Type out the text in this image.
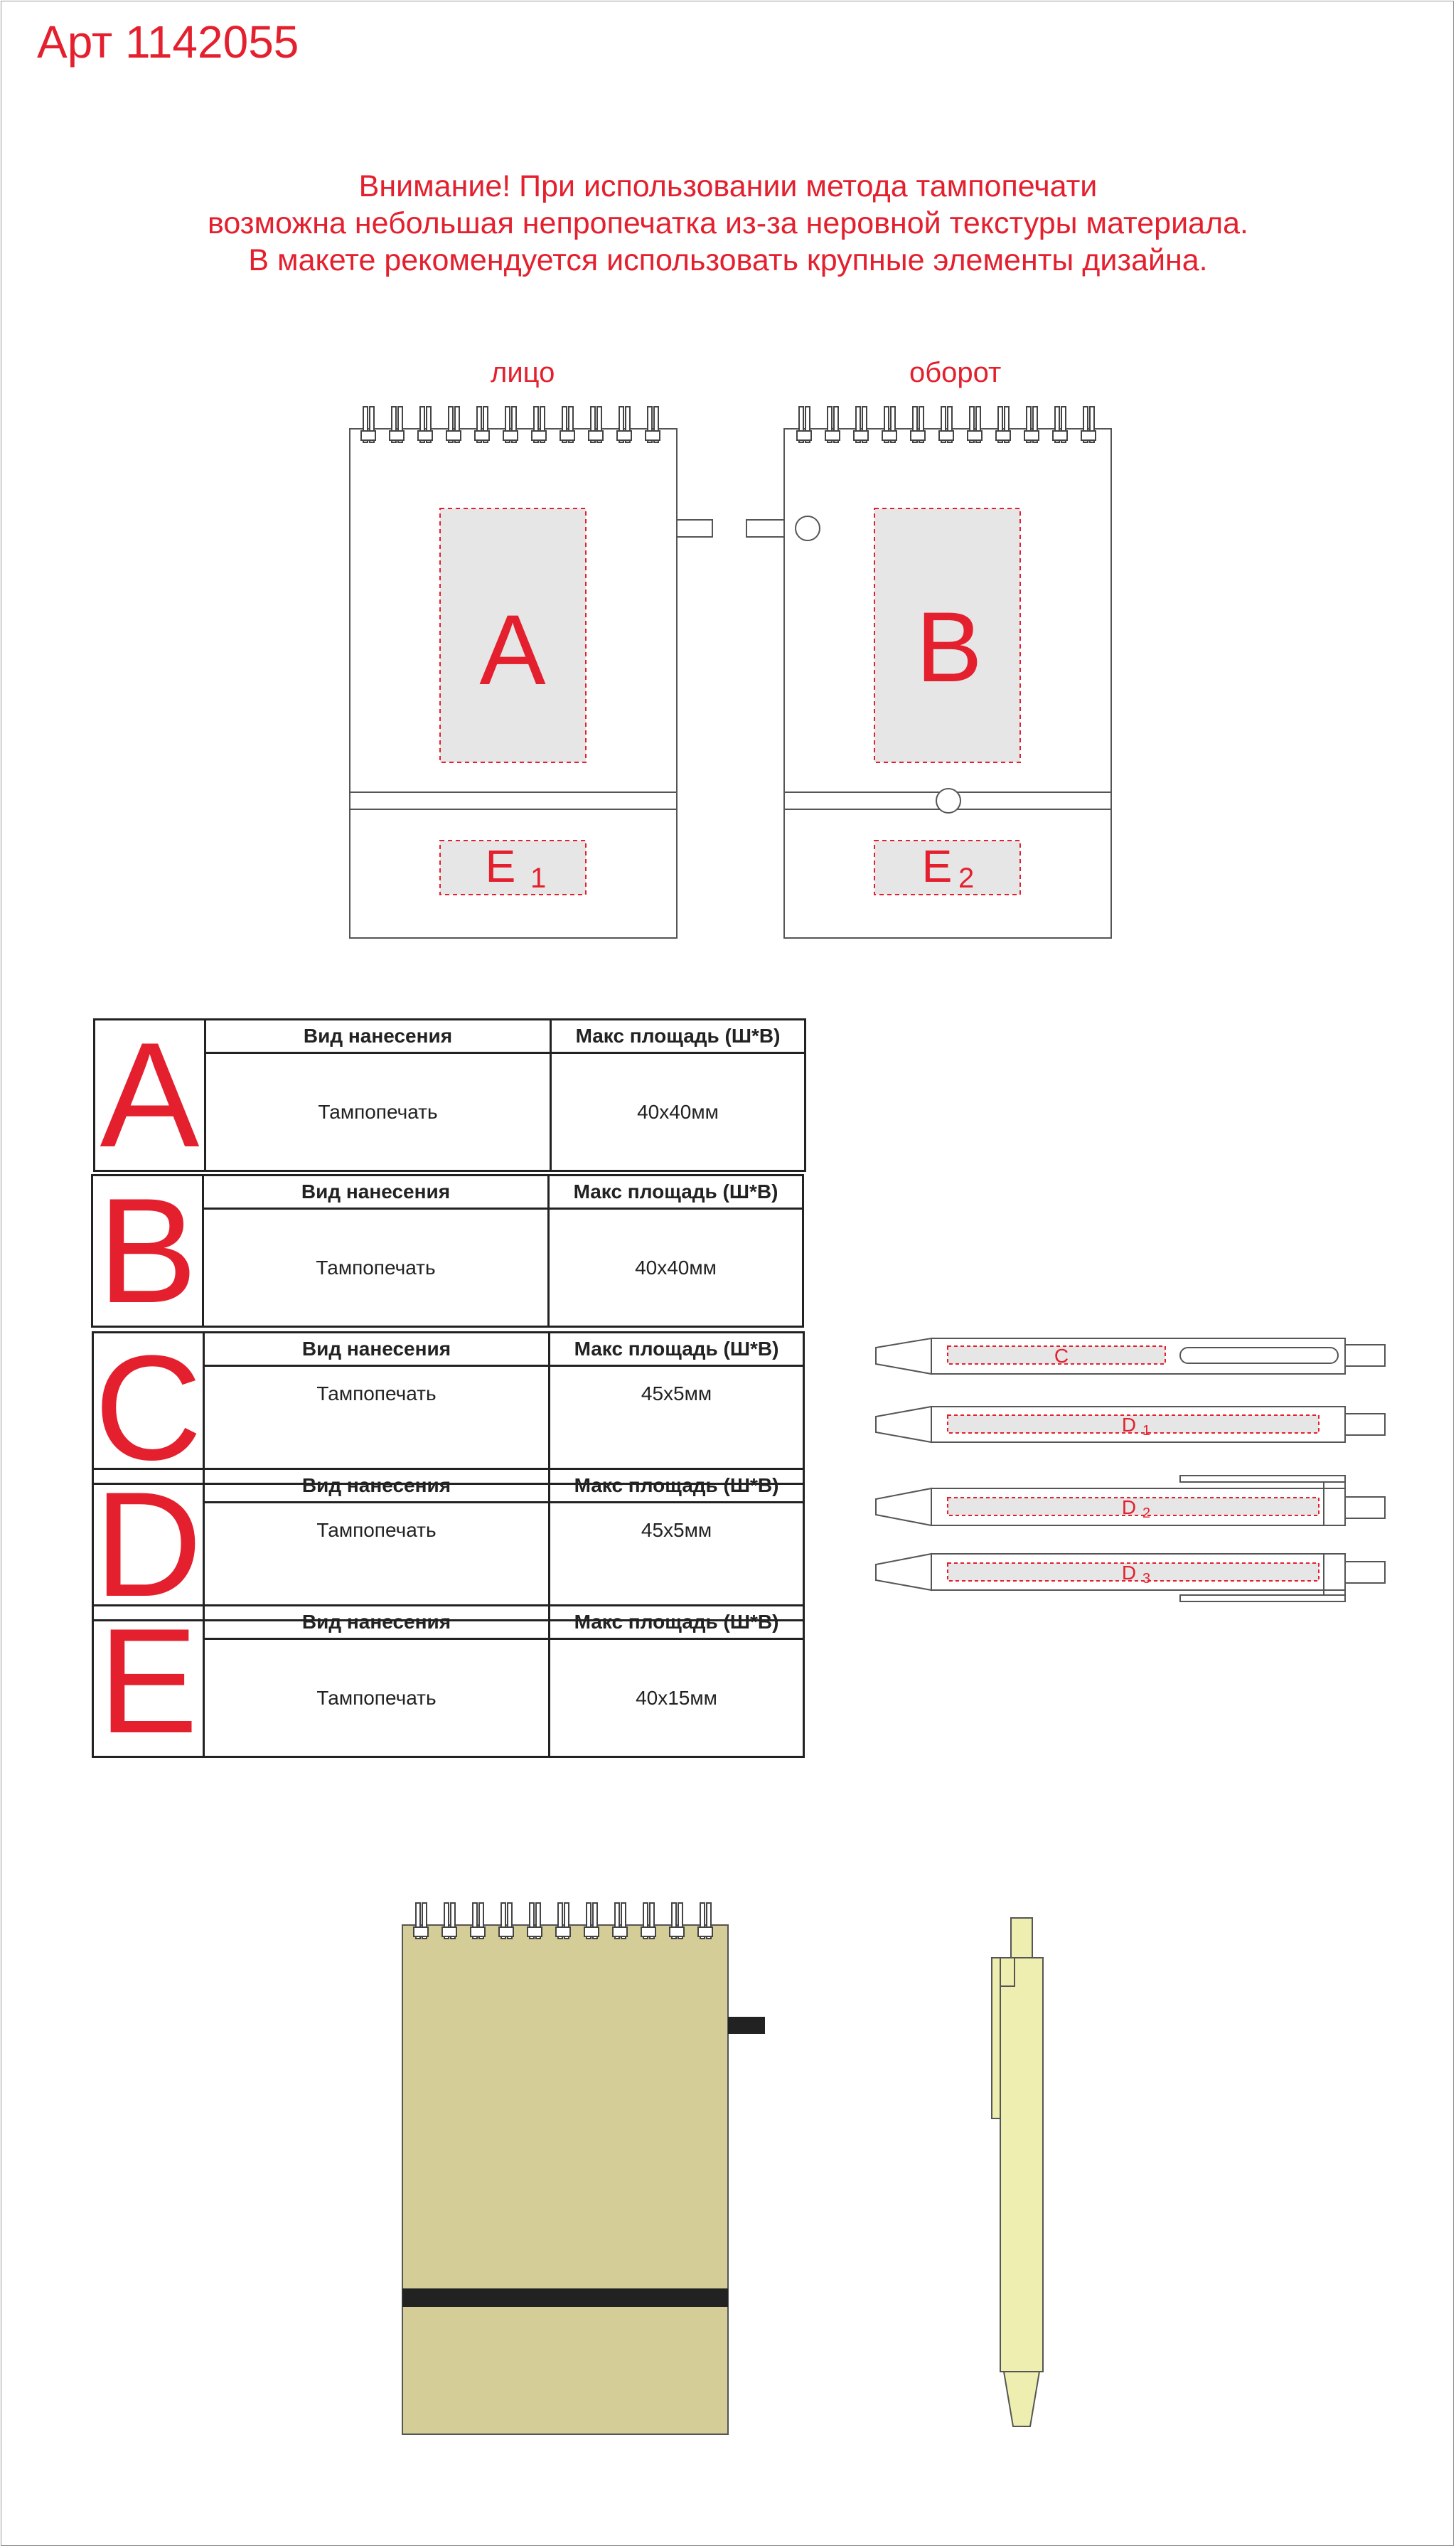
Арт 1142055
Внимание! При использовании метода тампопечати
возможна небольшая непропечатка из-за неровной текстуры материала.
В макете рекомендуется использовать крупные элементы дизайна.
лицо	оборот
A
E 1
B
E 2
A	Вид нанесения	Макс площадь (Ш*В)
	Тампопечать	40x40мм
B	Вид нанесения	Макс площадь (Ш*В)
	Тампопечать	40x40мм
C	Вид нанесения	Макс площадь (Ш*В)
	Тампопечать	45x5мм
D	Вид нанесения	Макс площадь (Ш*В)
	Тампопечать	45x5мм
E	Вид нанесения	Макс площадь (Ш*В)
	Тампопечать	40x15мм
C
D 1
D 2
D 3
